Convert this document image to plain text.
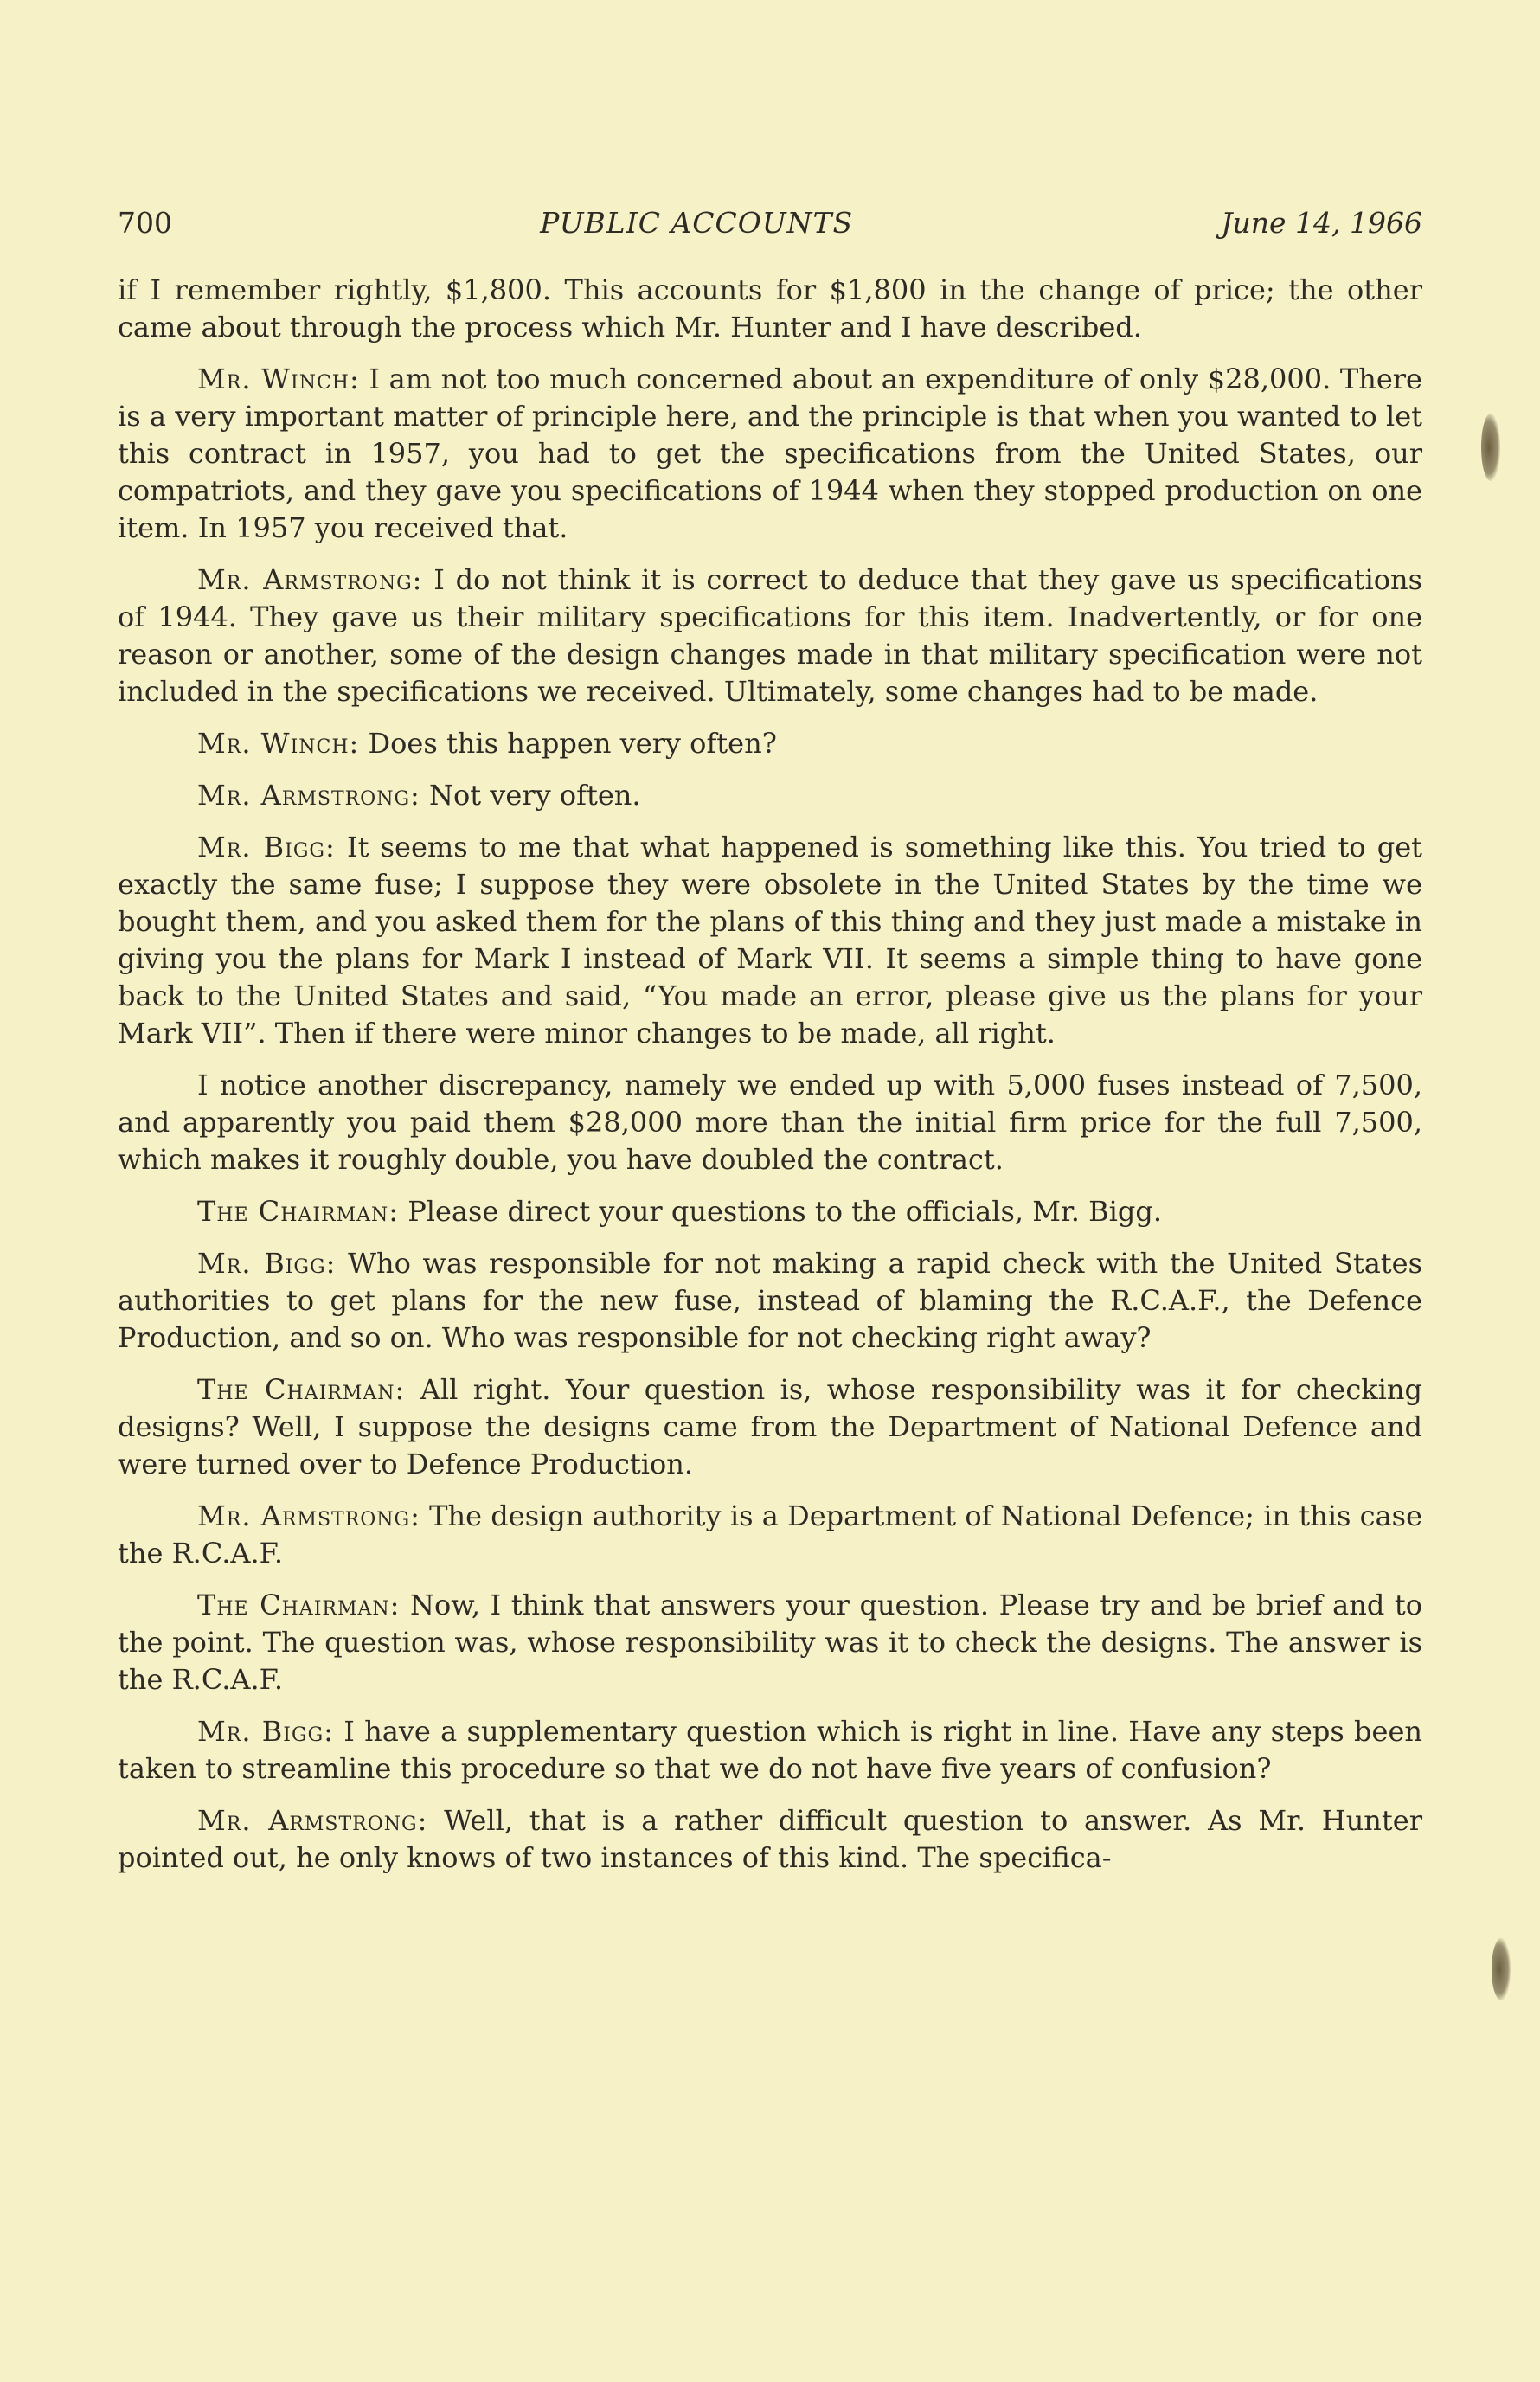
700	PUBLIC ACCOUNTS	June 14, 1966

if I remember rightly, $1,800. This accounts for $1,800 in the change of price; the other came about through the process which Mr. Hunter and I have described.

Mr. Winch: I am not too much concerned about an expenditure of only $28,000. There is a very important matter of principle here, and the principle is that when you wanted to let this contract in 1957, you had to get the specifications from the United States, our compatriots, and they gave you specifications of 1944 when they stopped production on one item. In 1957 you received that.

Mr. Armstrong: I do not think it is correct to deduce that they gave us specifications of 1944. They gave us their military specifications for this item. Inadvertently, or for one reason or another, some of the design changes made in that military specification were not included in the specifications we received. Ultimately, some changes had to be made.

Mr. Winch: Does this happen very often?

Mr. Armstrong: Not very often.

Mr. Bigg: It seems to me that what happened is something like this. You tried to get exactly the same fuse; I suppose they were obsolete in the United States by the time we bought them, and you asked them for the plans of this thing and they just made a mistake in giving you the plans for Mark I instead of Mark VII. It seems a simple thing to have gone back to the United States and said, “You made an error, please give us the plans for your Mark VII”. Then if there were minor changes to be made, all right.

I notice another discrepancy, namely we ended up with 5,000 fuses instead of 7,500, and apparently you paid them $28,000 more than the initial firm price for the full 7,500, which makes it roughly double, you have doubled the contract.

The Chairman: Please direct your questions to the officials, Mr. Bigg.

Mr. Bigg: Who was responsible for not making a rapid check with the United States authorities to get plans for the new fuse, instead of blaming the R.C.A.F., the Defence Production, and so on. Who was responsible for not checking right away?

The Chairman: All right. Your question is, whose responsibility was it for checking designs? Well, I suppose the designs came from the Department of National Defence and were turned over to Defence Production.

Mr. Armstrong: The design authority is a Department of National Defence; in this case the R.C.A.F.

The Chairman: Now, I think that answers your question. Please try and be brief and to the point. The question was, whose responsibility was it to check the designs. The answer is the R.C.A.F.

Mr. Bigg: I have a supplementary question which is right in line. Have any steps been taken to streamline this procedure so that we do not have five years of confusion?

Mr. Armstrong: Well, that is a rather difficult question to answer. As Mr. Hunter pointed out, he only knows of two instances of this kind. The specifica-
